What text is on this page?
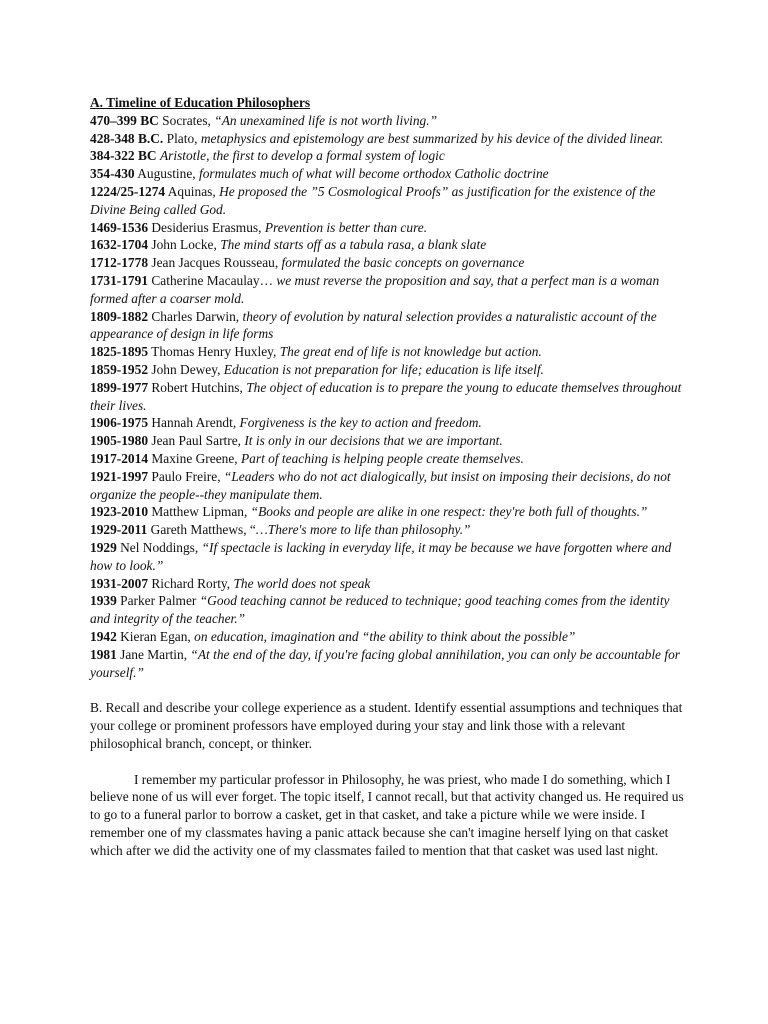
A. Timeline of Education Philosophers

470–399 BC Socrates, “An unexamined life is not worth living.”

428-348 B.C. Plato, metaphysics and epistemology are best summarized by his device of the divided linear.

384-322 BC Aristotle, the first to develop a formal system of logic

354-430 Augustine, formulates much of what will become orthodox Catholic doctrine

1224/25-1274 Aquinas, He proposed the ”5 Cosmological Proofs” as justification for the existence of the Divine Being called God.

1469-1536 Desiderius Erasmus, Prevention is better than cure.

1632-1704 John Locke, The mind starts off as a tabula rasa, a blank slate

1712-1778 Jean Jacques Rousseau, formulated the basic concepts on governance

1731-1791 Catherine Macaulay… we must reverse the proposition and say, that a perfect man is a woman formed after a coarser mold.

1809-1882 Charles Darwin, theory of evolution by natural selection provides a naturalistic account of the appearance of design in life forms

1825-1895 Thomas Henry Huxley, The great end of life is not knowledge but action.

1859-1952 John Dewey, Education is not preparation for life; education is life itself.

1899-1977 Robert Hutchins, The object of education is to prepare the young to educate themselves throughout their lives.

1906-1975 Hannah Arendt, Forgiveness is the key to action and freedom.

1905-1980 Jean Paul Sartre, It is only in our decisions that we are important.

1917-2014 Maxine Greene, Part of teaching is helping people create themselves.

1921-1997 Paulo Freire, “Leaders who do not act dialogically, but insist on imposing their decisions, do not organize the people--they manipulate them.

1923-2010 Matthew Lipman, “Books and people are alike in one respect: they're both full of thoughts.”

1929-2011 Gareth Matthews, “…There's more to life than philosophy.”

1929 Nel Noddings, “If spectacle is lacking in everyday life, it may be because we have forgotten where and how to look.”

1931-2007 Richard Rorty, The world does not speak

1939 Parker Palmer “Good teaching cannot be reduced to technique; good teaching comes from the identity and integrity of the teacher.”

1942 Kieran Egan, on education, imagination and “the ability to think about the possible”

1981 Jane Martin, “At the end of the day, if you're facing global annihilation, you can only be accountable for yourself.”

B. Recall and describe your college experience as a student. Identify essential assumptions and techniques that your college or prominent professors have employed during your stay and link those with a relevant philosophical branch, concept, or thinker.

I remember my particular professor in Philosophy, he was priest, who made I do something, which I believe none of us will ever forget. The topic itself, I cannot recall, but that activity changed us. He required us to go to a funeral parlor to borrow a casket, get in that casket, and take a picture while we were inside. I remember one of my classmates having a panic attack because she can't imagine herself lying on that casket which after we did the activity one of my classmates failed to mention that that casket was used last night.
